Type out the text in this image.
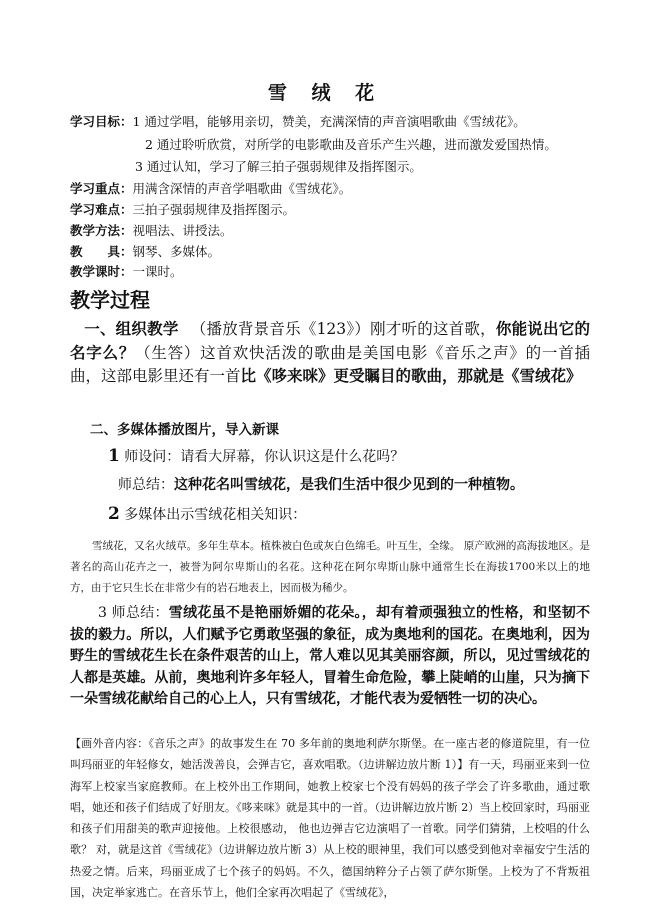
雪 绒 花
学习目标：1 通过学唱，能够用亲切，赞美，充满深情的声音演唱歌曲《雪绒花》。
2 通过聆听欣赏，对所学的电影歌曲及音乐产生兴趣，进而激发爱国热情。
3 通过认知，学习了解三拍子强弱规律及指挥图示。
学习重点：用满含深情的声音学唱歌曲《雪绒花》。
学习难点：三拍子强弱规律及指挥图示。
教学方法：视唱法、讲授法。
教　　具：钢琴、多媒体。
教学课时：一课时。
教学过程
一、组织教学 （播放背景音乐《123》）刚才听的这首歌，你能说出它的名字么？（生答）这首欢快活泼的歌曲是美国电影《音乐之声》的一首插曲，这部电影里还有一首比《哆来咪》更受瞩目的歌曲，那就是《雪绒花》
二、多媒体播放图片，导入新课
1 师设问：请看大屏幕，你认识这是什么花吗？
师总结：这种花名叫雪绒花，是我们生活中很少见到的一种植物。
2 多媒体出示雪绒花相关知识：
雪绒花，又名火绒草。多年生草本。植株被白色或灰白色绵毛。叶互生，全缘。 原产欧洲的高海拔地区。是著名的高山花卉之一，被誉为阿尔卑斯山的名花。这种花在阿尔卑斯山脉中通常生长在海拔1700米以上的地方，由于它只生长在非常少有的岩石地表上，因而极为稀少。
3 师总结：雪绒花虽不是艳丽娇媚的花朵。，却有着顽强独立的性格，和坚韧不拔的毅力。所以，人们赋予它勇敢坚强的象征，成为奥地利的国花。在奥地利，因为野生的雪绒花生长在条件艰苦的山上，常人难以见其美丽容颜，所以，见过雪绒花的人都是英雄。从前，奥地利许多年轻人，冒着生命危险，攀上陡峭的山崖，只为摘下一朵雪绒花献给自己的心上人，只有雪绒花，才能代表为爱牺牲一切的决心。
【画外音内容：《音乐之声》的故事发生在 70 多年前的奥地利萨尔斯堡。在一座古老的修道院里，有一位叫玛丽亚的年轻修女，她活泼善良，会弹吉它，喜欢唱歌。（边讲解边放片断 1）】有一天，玛丽亚来到一位海军上校家当家庭教师。在上校外出工作期间，她教上校家七个没有妈妈的孩子学会了许多歌曲，通过歌唱，她还和孩子们结成了好朋友。《哆来咪》就是其中的一首。（边讲解边放片断 2）当上校回家时，玛丽亚和孩子们用甜美的歌声迎接他。上校很感动， 他也边弹吉它边演唱了一首歌。同学们猜猜，上校唱的什么歌？ 对，就是这首《雪绒花》（边讲解边放片断 3）从上校的眼神里，我们可以感受到他对幸福安宁生活的热爱之情。后来，玛丽亚成了七个孩子的妈妈。不久，德国纳粹分子占领了萨尔斯堡。上校为了不背叛祖国，决定举家逃亡。在音乐节上，他们全家再次唱起了《雪绒花》，
